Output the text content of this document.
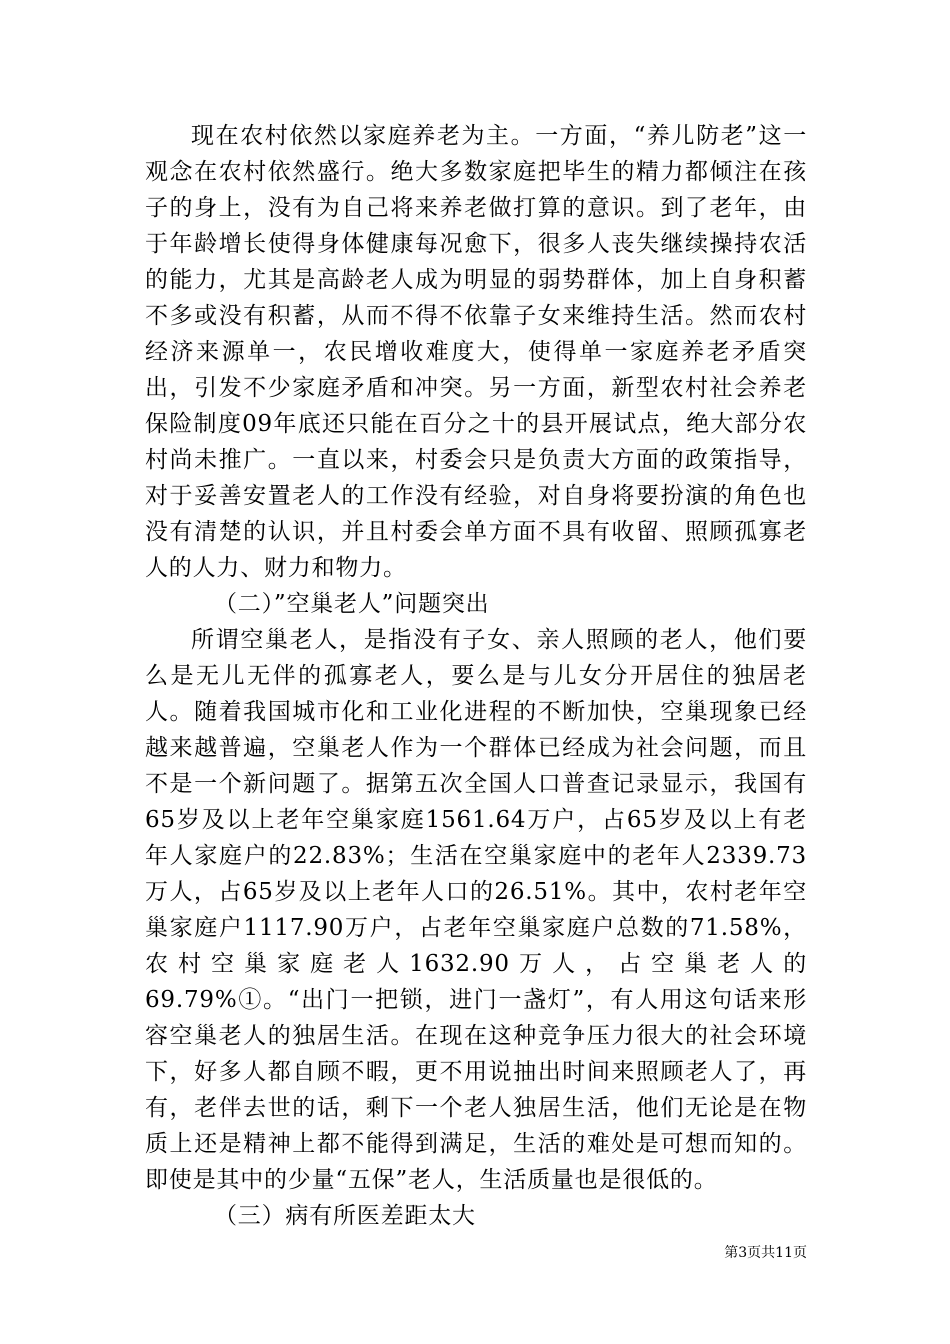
现在农村依然以家庭养老为主。一方面，“养儿防老”这一观念在农村依然盛行。绝大多数家庭把毕生的精力都倾注在孩子的身上，没有为自己将来养老做打算的意识。到了老年，由于年龄增长使得身体健康每况愈下，很多人丧失继续操持农活的能力，尤其是高龄老人成为明显的弱势群体，加上自身积蓄不多或没有积蓄，从而不得不依靠子女来维持生活。然而农村经济来源单一，农民增收难度大，使得单一家庭养老矛盾突出，引发不少家庭矛盾和冲突。另一方面，新型农村社会养老保险制度09年底还只能在百分之十的县开展试点，绝大部分农村尚未推广。一直以来，村委会只是负责大方面的政策指导，对于妥善安置老人的工作没有经验，对自身将要扮演的角色也没有清楚的认识，并且村委会单方面不具有收留、照顾孤寡老人的人力、财力和物力。

（二）”空巢老人”问题突出

所谓空巢老人，是指没有子女、亲人照顾的老人，他们要么是无儿无伴的孤寡老人，要么是与儿女分开居住的独居老人。随着我国城市化和工业化进程的不断加快，空巢现象已经越来越普遍，空巢老人作为一个群体已经成为社会问题，而且不是一个新问题了。据第五次全国人口普查记录显示，我国有65岁及以上老年空巢家庭1561.64万户，占65岁及以上有老年人家庭户的22.83%；生活在空巢家庭中的老年人2339.73万人，占65岁及以上老年人口的26.51%。其中，农村老年空巢家庭户1117.90万户，占老年空巢家庭户总数的71.58%，农村空巢家庭老人1632.90万人，占空巢老人的69.79%①。“出门一把锁，进门一盏灯”，有人用这句话来形容空巢老人的独居生活。在现在这种竞争压力很大的社会环境下，好多人都自顾不暇，更不用说抽出时间来照顾老人了，再有，老伴去世的话，剩下一个老人独居生活，他们无论是在物质上还是精神上都不能得到满足，生活的难处是可想而知的。即使是其中的少量“五保”老人，生活质量也是很低的。

（三）病有所医差距太大

第3页共11页
